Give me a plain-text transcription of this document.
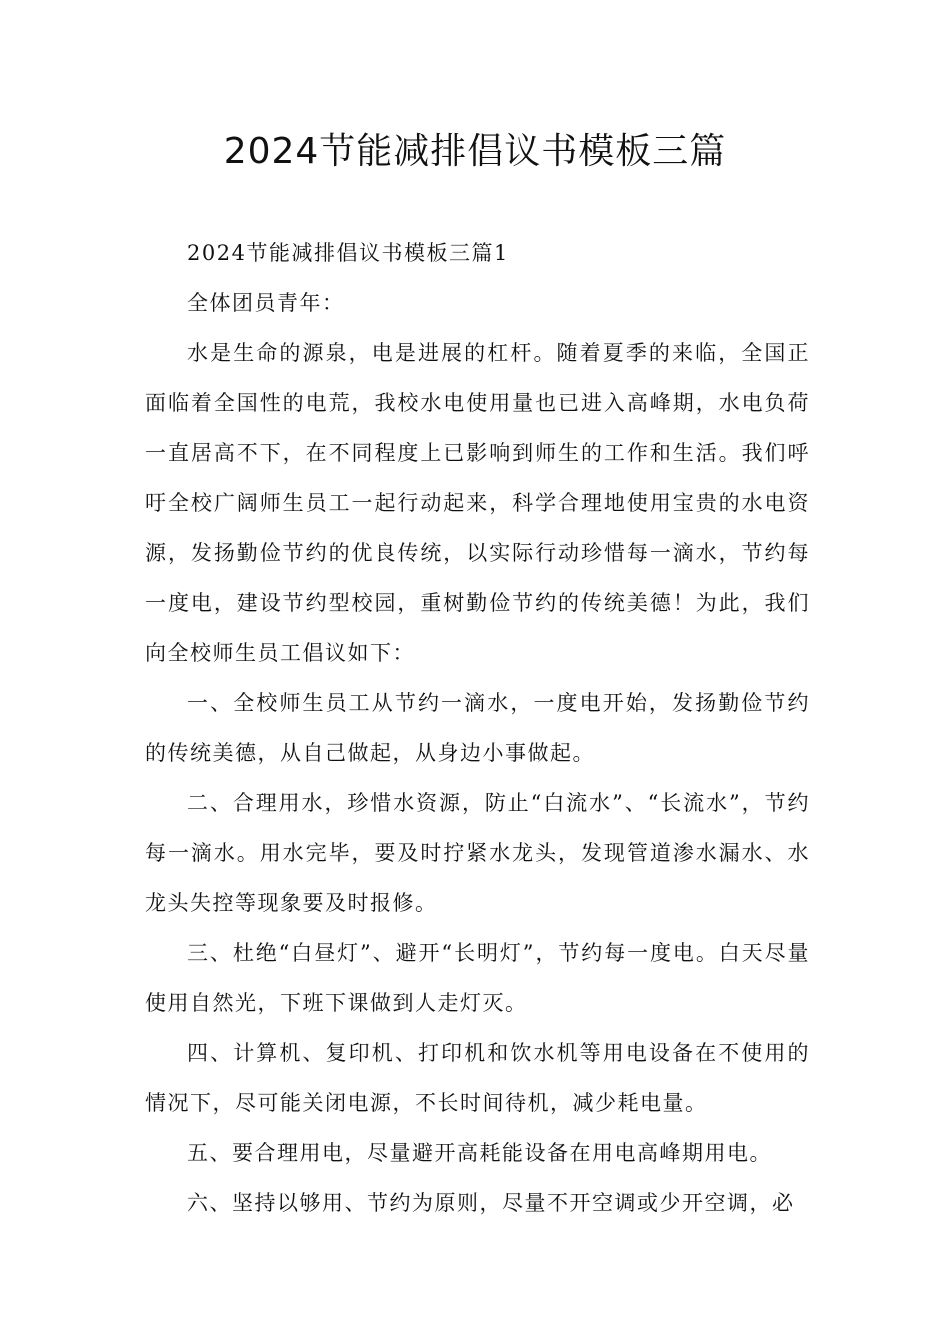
2024节能减排倡议书模板三篇

2024节能减排倡议书模板三篇1

全体团员青年：

水是生命的源泉，电是进展的杠杆。随着夏季的来临，全国正面临着全国性的电荒，我校水电使用量也已进入高峰期，水电负荷一直居高不下，在不同程度上已影响到师生的工作和生活。我们呼吁全校广阔师生员工一起行动起来，科学合理地使用宝贵的水电资源，发扬勤俭节约的优良传统，以实际行动珍惜每一滴水，节约每一度电，建设节约型校园，重树勤俭节约的传统美德！为此，我们向全校师生员工倡议如下：

一、全校师生员工从节约一滴水，一度电开始，发扬勤俭节约的传统美德，从自己做起，从身边小事做起。

二、合理用水，珍惜水资源，防止“白流水”、“长流水”，节约每一滴水。用水完毕，要及时拧紧水龙头，发现管道渗水漏水、水龙头失控等现象要及时报修。

三、杜绝“白昼灯”、避开“长明灯”，节约每一度电。白天尽量使用自然光，下班下课做到人走灯灭。

四、计算机、复印机、打印机和饮水机等用电设备在不使用的情况下，尽可能关闭电源，不长时间待机，减少耗电量。

五、要合理用电，尽量避开高耗能设备在用电高峰期用电。

六、坚持以够用、节约为原则，尽量不开空调或少开空调，必
